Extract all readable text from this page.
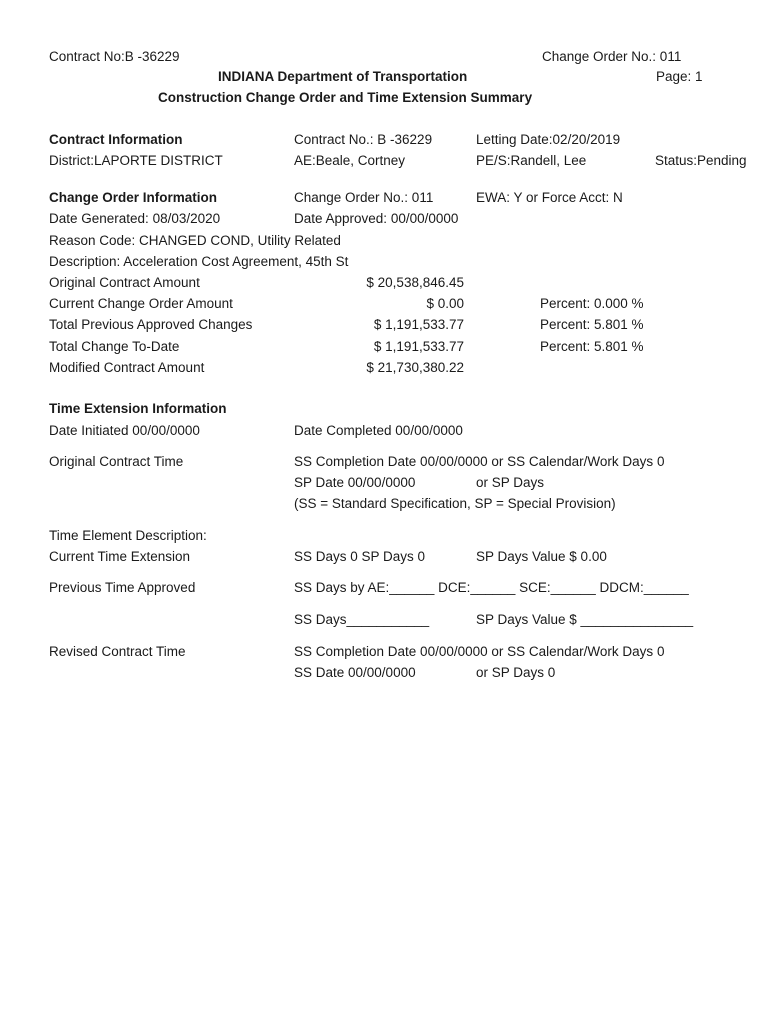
Contract No:B -36229	Change Order No.: 011
INDIANA Department of Transportation	Page: 1
Construction Change Order and Time Extension Summary
Contract Information	Contract No.: B -36229	Letting Date:02/20/2019
District:LAPORTE DISTRICT	AE:Beale, Cortney	PE/S:Randell, Lee	Status:Pending
Change Order Information	Change Order No.: 011	EWA: Y or Force Acct: N
Date Generated: 08/03/2020	Date Approved: 00/00/0000
Reason Code: CHANGED COND, Utility Related
Description: Acceleration Cost Agreement, 45th St
Original Contract Amount	$ 20,538,846.45
Current Change Order Amount	$ 0.00	Percent: 0.000 %
Total Previous Approved Changes	$ 1,191,533.77	Percent: 5.801 %
Total Change To-Date	$ 1,191,533.77	Percent: 5.801 %
Modified Contract Amount	$ 21,730,380.22
Time Extension Information
Date Initiated 00/00/0000	Date Completed 00/00/0000
Original Contract Time	SS Completion Date 00/00/0000 or SS Calendar/Work Days 0
SP Date 00/00/0000	or SP Days
(SS = Standard Specification, SP = Special Provision)
Time Element Description:
Current Time Extension	SS Days 0 SP Days 0	SP Days Value $ 0.00
Previous Time Approved	SS Days by AE:______ DCE:______ SCE:______ DDCM:______
SS Days___________	SP Days Value $ _______________
Revised Contract Time	SS Completion Date 00/00/0000 or SS Calendar/Work Days 0
SS Date 00/00/0000	or SP Days 0
